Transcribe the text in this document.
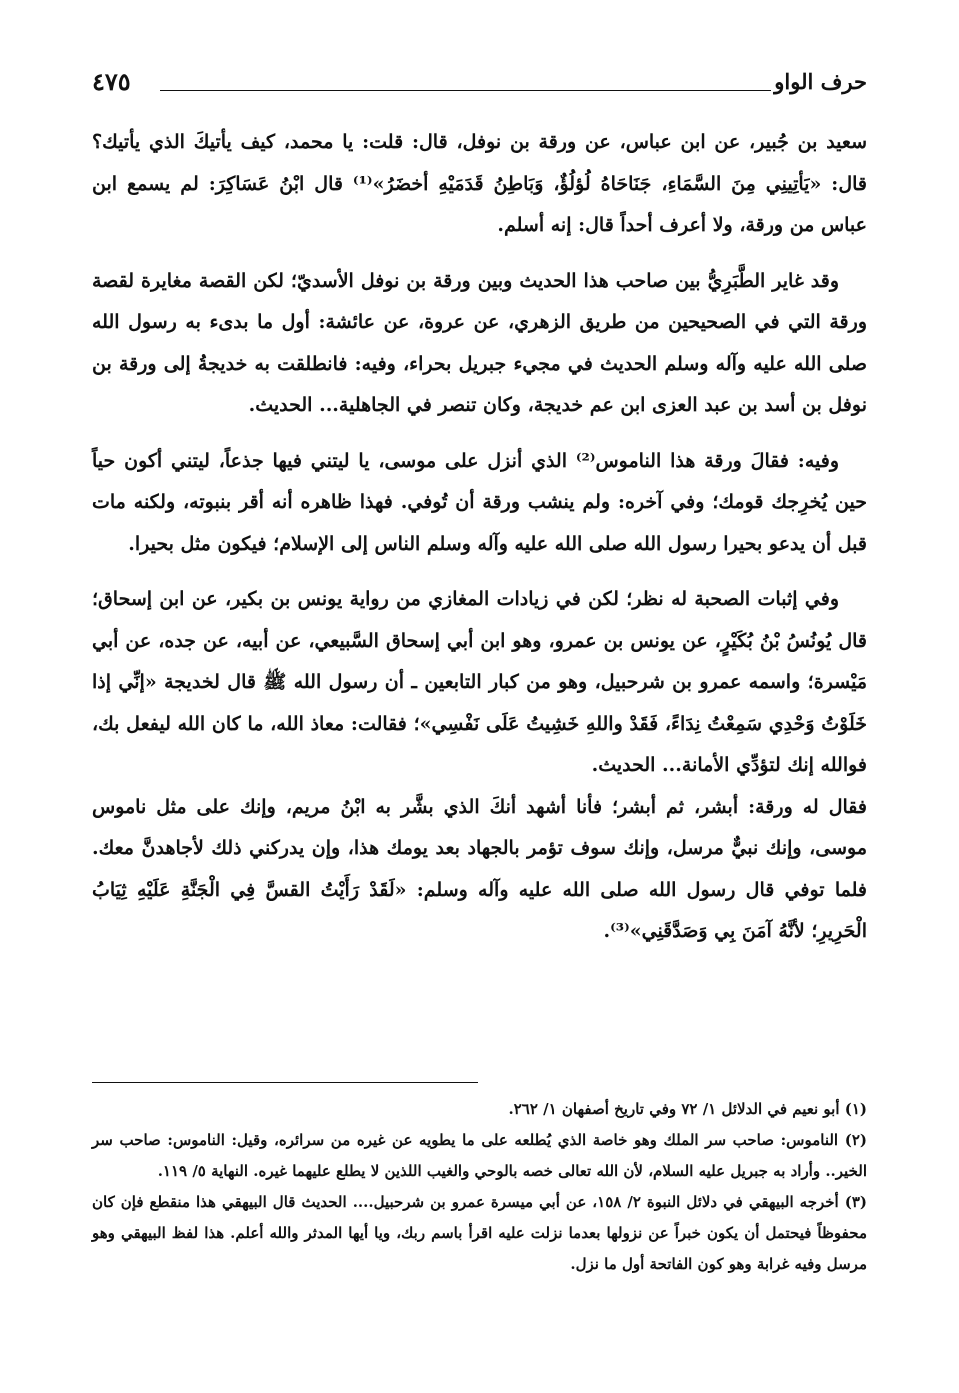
حرف الواو
٤٧٥

سعيد بن جُبير، عن ابن عباس، عن ورقة بن نوفل، قال: قلت: يا محمد، كيف يأتيكَ الذي يأتيك؟ قال: «يَأتِينِي مِنَ السَّمَاءِ، جَنَاحَاهُ لُؤلُؤٌ، وَبَاطِنُ قَدَمَيْهِ أخضَرُ»⁽¹⁾ قال ابْنُ عَسَاكِرَ: لم يسمع ابن عباس من ورقة، ولا أعرف أحداً قال: إنه أسلم.

وقد غاير الطَّبَرِيُّ بين صاحب هذا الحديث وبين ورقة بن نوفل الأسديّ؛ لكن القصة مغايرة لقصة ورقة التي في الصحيحين من طريق الزهري، عن عروة، عن عائشة: أول ما بدىء به رسول الله صلى الله عليه وآله وسلم الحديث في مجيء جبريل بحراء، وفيه: فانطلقت به خديجةُ إلى ورقة بن نوفل بن أسد بن عبد العزى ابن عم خديجة، وكان تنصر في الجاهلية... الحديث.

وفيه: فقالَ ورقة هذا الناموس⁽²⁾ الذي أنزل على موسى، يا ليتني فيها جذعاً، ليتني أكون حياً حين يُخرِجك قومك؛ وفي آخره: ولم ينشب ورقة أن تُوفي. فهذا ظاهره أنه أقر بنبوته، ولكنه مات قبل أن يدعو بحيرا رسول الله صلى الله عليه وآله وسلم الناس إلى الإسلام؛ فيكون مثل بحيرا.

وفي إثبات الصحبة له نظر؛ لكن في زيادات المغازي من رواية يونس بن بكير، عن ابن إسحاق؛ قال يُونُسُ بْنُ بُكَيْرٍ، عن يونس بن عمرو، وهو ابن أبي إسحاق السَّبيعي، عن أبيه، عن جده، عن أبي مَيْسرة؛ واسمه عمرو بن شرحبيل، وهو من كبار التابعين ـ أن رسول الله ﷺ قال لخديجة «إنِّي إذا خَلَوْتُ وَحْدِي سَمِعْتُ نِدَاءً، فَقَدْ واللهِ خَشِيتُ عَلَى نَفْسِي»؛ فقالت: معاذ الله، ما كان الله ليفعل بك، فوالله إنك لتؤدِّي الأمانة... الحديث.

فقال له ورقة: أبشر، ثم أبشر؛ فأنا أشهد أنكَ الذي بشَّر به ابْنُ مريم، وإنك على مثل ناموس موسى، وإنك نبيٌّ مرسل، وإنك سوف تؤمر بالجهاد بعد يومك هذا، وإن يدركني ذلك لأجاهدنَّ معك. فلما توفي قال رسول الله صلى الله عليه وآله وسلم: «لَقَدْ رَأَيْتُ القسَّ فِي الْجَنَّةِ عَلَيْهِ ثِيَابُ الْحَرِيرِ؛ لأنَّهُ آمَنَ بِي وَصَدَّقَنِي»⁽³⁾.

(١) أبو نعيم في الدلائل ١/ ٧٢ وفي تاريخ أصفهان ١/ ٢٦٢.

(٢) الناموس: صاحب سر الملك وهو خاصة الذي يُطلعه على ما يطويه عن غيره من سرائره، وقيل: الناموس: صاحب سر الخير.. وأراد به جبريل عليه السلام، لأن الله تعالى خصه بالوحي والغيب اللذين لا يطلع عليهما غيره. النهاية ٥/ ١١٩.

(٣) أخرجه البيهقي في دلائل النبوة ٢/ ١٥٨، عن أبي ميسرة عمرو بن شرحبيل.... الحديث قال البيهقي هذا منقطع فإن كان محفوظاً فيحتمل أن يكون خبراً عن نزولها بعدما نزلت عليه اقرأ باسم ربك، ويا أيها المدثر والله أعلم. هذا لفظ البيهقي وهو مرسل وفيه غرابة وهو كون الفاتحة أول ما نزل.
